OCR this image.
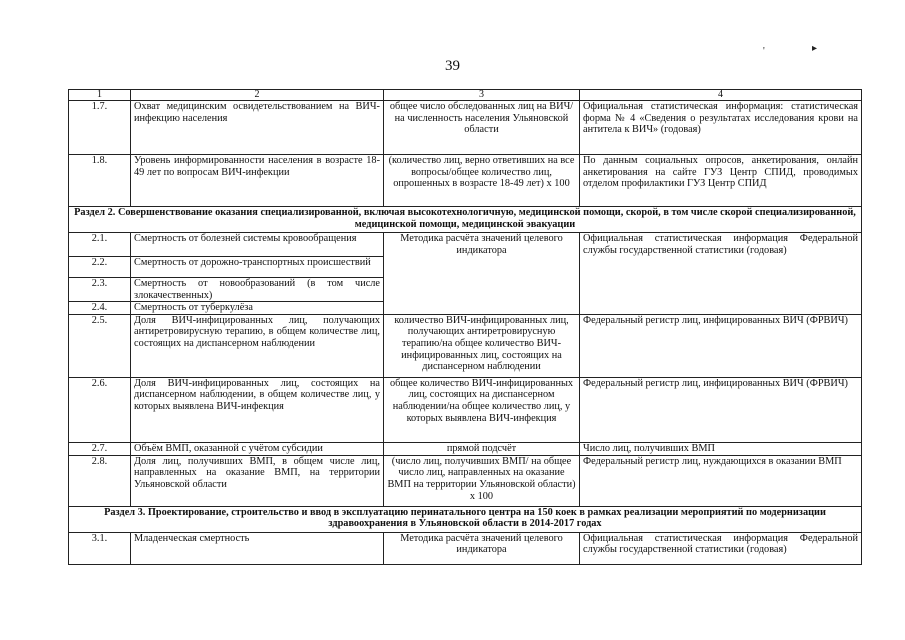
39
'	▸
1	2	3	4
1.7.	Охват медицинским освидетельствованием на ВИЧ-инфекцию населения	общее число обследованных лиц на ВИЧ/на численность населения Ульяновской области	Официальная статистическая информация: статистическая форма № 4 «Сведения о результатах исследования крови на антитела к ВИЧ» (годовая)
1.8.	Уровень информированности населения в возрасте 18-49 лет по вопросам ВИЧ-инфекции	(количество лиц, верно ответивших на все вопросы/общее количество лиц, опрошенных в возрасте 18-49 лет) х 100	По данным социальных опросов, анкетирования, онлайн анкетирования на сайте ГУЗ Центр СПИД, проводимых отделом профилактики ГУЗ Центр СПИД
Раздел 2. Совершенствование оказания специализированной, включая высокотехнологичную, медицинской помощи, скорой, в том числе скорой специализированной, медицинской помощи, медицинской эвакуации			
2.1.	Смертность от болезней системы кровообращения	Методика расчёта значений целевого индикатора	Официальная статистическая информация Федеральной службы государственной статистики (годовая)
2.2.	Смертность от дорожно-транспортных происшествий		
2.3.	Смертность от новообразований (в том числе злокачественных)		
2.4.	Смертность от туберкулёза		
2.5.	Доля ВИЧ-инфицированных лиц, получающих антиретровирусную терапию, в общем количестве лиц, состоящих на диспансерном наблюдении	количество ВИЧ-инфицированных лиц, получающих антиретровирусную терапию/на общее количество ВИЧ-инфицированных лиц, состоящих на диспансерном наблюдении	Федеральный регистр лиц, инфицированных ВИЧ (ФРВИЧ)
2.6.	Доля ВИЧ-инфицированных лиц, состоящих на диспансерном наблюдении, в общем количестве лиц, у которых выявлена ВИЧ-инфекция	общее количество ВИЧ-инфицированных лиц, состоящих на диспансерном наблюдении/на общее количество лиц, у которых выявлена ВИЧ-инфекция	Федеральный регистр лиц, инфицированных ВИЧ (ФРВИЧ)
2.7.	Объём ВМП, оказанной с учётом субсидии	прямой подсчёт	Число лиц, получивших ВМП
2.8.	Доля лиц, получивших ВМП, в общем числе лиц, направленных на оказание ВМП, на территории Ульяновской области	(число лиц, получивших ВМП/ на общее число лиц, направленных на оказание ВМП на территории Ульяновской области) х 100	Федеральный регистр лиц, нуждающихся в оказании ВМП
Раздел 3. Проектирование, строительство и ввод в эксплуатацию перинатального центра на 150 коек в рамках реализации мероприятий по модернизации здравоохранения в Ульяновской области в 2014-2017 годах			
3.1.	Младенческая смертность	Методика расчёта значений целевого индикатора	Официальная статистическая информация Федеральной службы государственной статистики (годовая)
